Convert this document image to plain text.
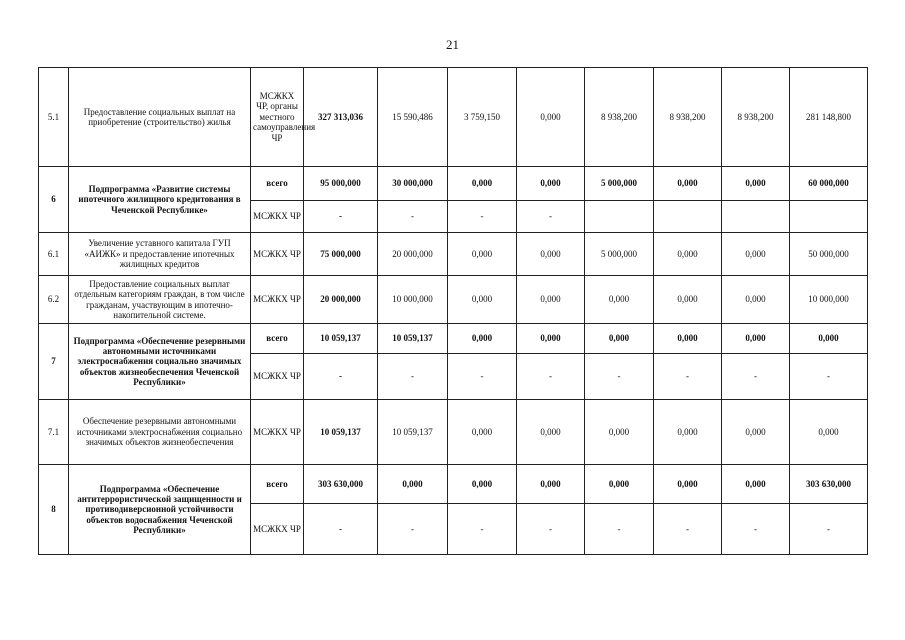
21
5.1	Предоставление социальных выплат на приобретение (строительство) жилья	МСЖКХ ЧР, органы местного самоуправления ЧР	327 313,036	15 590,486	3 759,150	0,000	8 938,200	8 938,200	8 938,200	281 148,800
6	Подпрограмма «Развитие системы ипотечного жилищного кредитования в Чеченской Республике»	всего	95 000,000	30 000,000	0,000	0,000	5 000,000	0,000	0,000	60 000,000
		МСЖКХ ЧР	-	-	-	-				
6.1	Увеличение уставного капитала ГУП «АИЖК» и предоставление ипотечных жилищных кредитов	МСЖКХ ЧР	75 000,000	20 000,000	0,000	0,000	5 000,000	0,000	0,000	50 000,000
6.2	Предоставление социальных выплат отдельным категориям граждан, в том числе гражданам, участвующим в ипотечно-накопительной системе.	МСЖКХ ЧР	20 000,000	10 000,000	0,000	0,000	0,000	0,000	0,000	10 000,000
7	Подпрограмма «Обеспечение резервными автономными источниками электроснабжения социально значимых объектов жизнеобеспечения Чеченской Республики»	всего	10 059,137	10 059,137	0,000	0,000	0,000	0,000	0,000	0,000
		МСЖКХ ЧР	-	-	-	-	-	-	-	-
7.1	Обеспечение резервными автономными источниками электроснабжения социально значимых объектов жизнеобеспечения	МСЖКХ ЧР	10 059,137	10 059,137	0,000	0,000	0,000	0,000	0,000	0,000
8	Подпрограмма «Обеспечение антитеррористической защищенности и противодиверсионной устойчивости объектов водоснабжения Чеченской Республики»	всего	303 630,000	0,000	0,000	0,000	0,000	0,000	0,000	303 630,000
		МСЖКХ ЧР	-	-	-	-	-	-	-	-
